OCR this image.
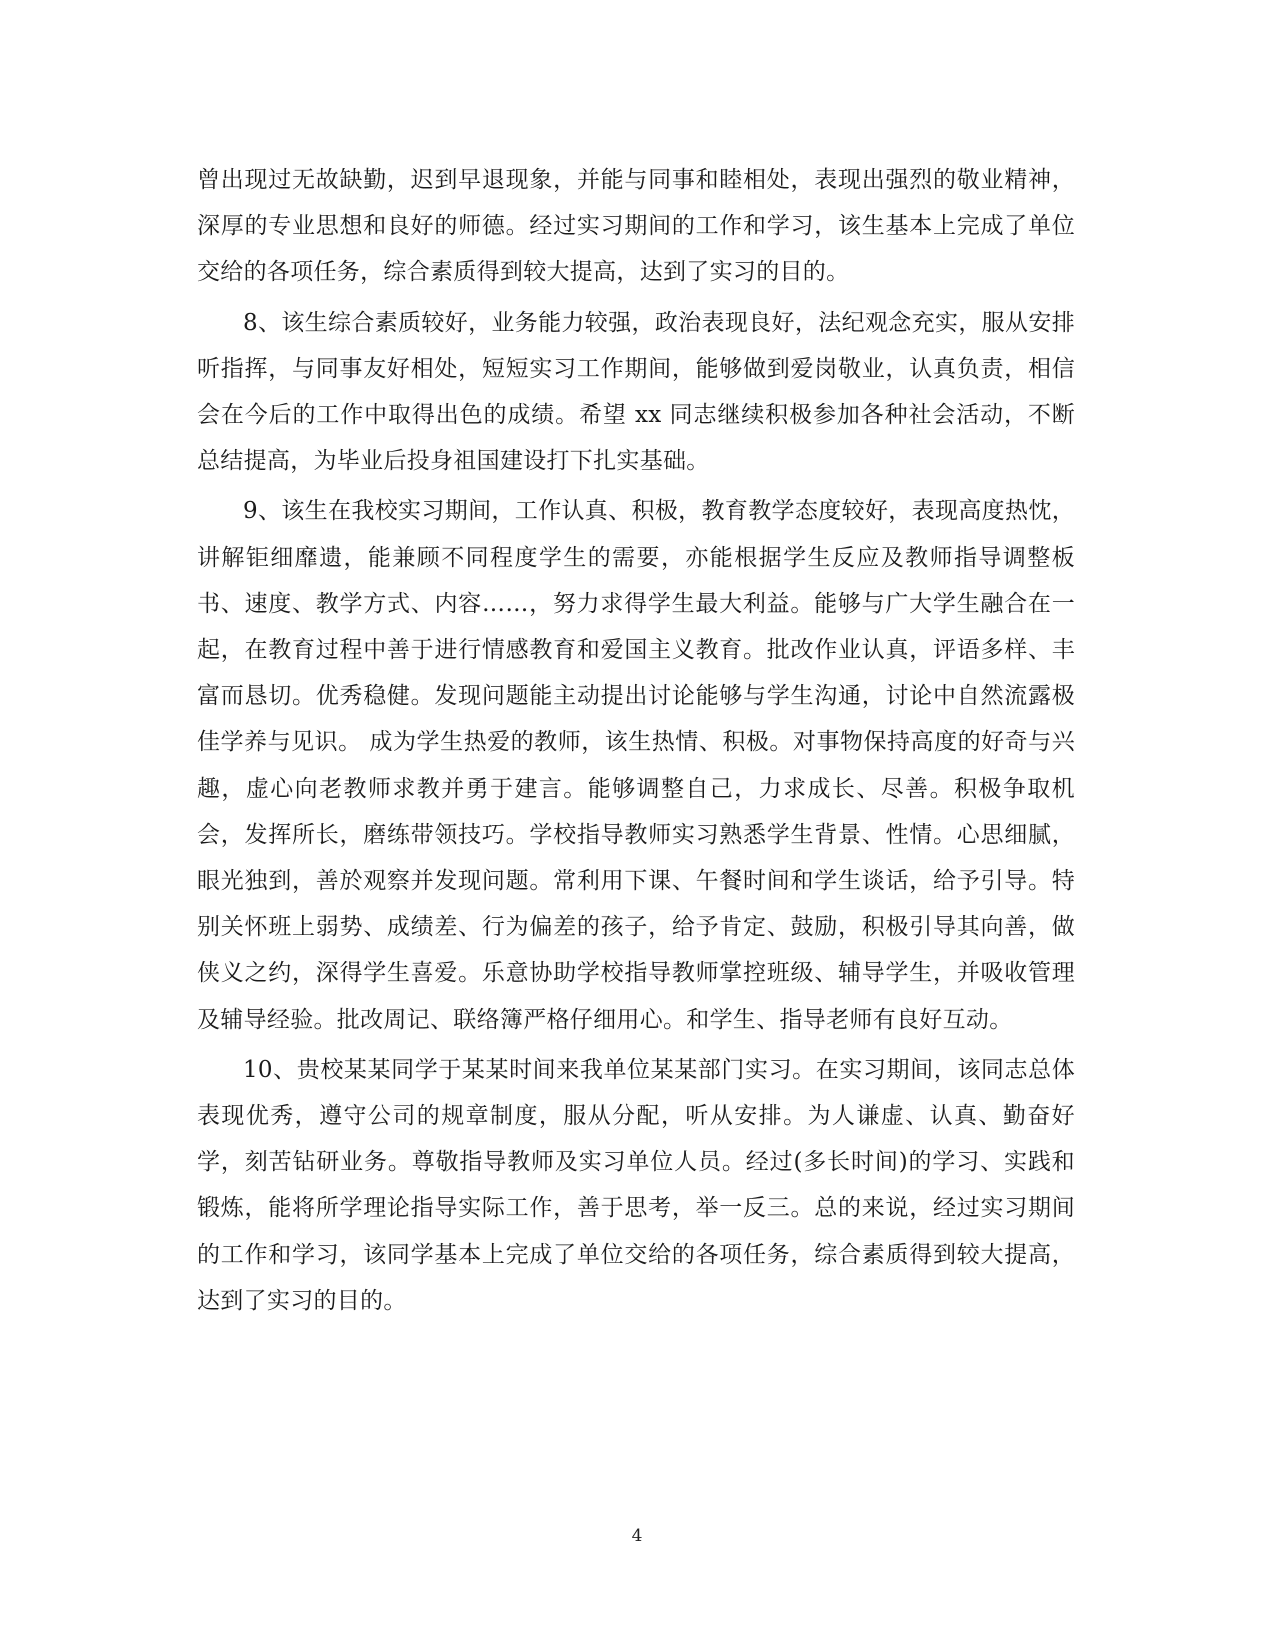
曾出现过无故缺勤，迟到早退现象，并能与同事和睦相处，表现出强烈的敬业精神，深厚的专业思想和良好的师德。经过实习期间的工作和学习，该生基本上完成了单位交给的各项任务，综合素质得到较大提高，达到了实习的目的。

8、该生综合素质较好，业务能力较强，政治表现良好，法纪观念充实，服从安排听指挥，与同事友好相处，短短实习工作期间，能够做到爱岗敬业，认真负责，相信会在今后的工作中取得出色的成绩。希望 xx 同志继续积极参加各种社会活动，不断总结提高，为毕业后投身祖国建设打下扎实基础。

9、该生在我校实习期间，工作认真、积极，教育教学态度较好，表现高度热忱，讲解钜细靡遗，能兼顾不同程度学生的需要，亦能根据学生反应及教师指导调整板书、速度、教学方式、内容……，努力求得学生最大利益。能够与广大学生融合在一起，在教育过程中善于进行情感教育和爱国主义教育。批改作业认真，评语多样、丰富而恳切。优秀稳健。发现问题能主动提出讨论能够与学生沟通，讨论中自然流露极佳学养与见识。 成为学生热爱的教师，该生热情、积极。对事物保持高度的好奇与兴趣，虚心向老教师求教并勇于建言。能够调整自己，力求成长、尽善。积极争取机会，发挥所长，磨练带领技巧。学校指导教师实习熟悉学生背景、性情。心思细腻，眼光独到，善於观察并发现问题。常利用下课、午餐时间和学生谈话，给予引导。特别关怀班上弱势、成绩差、行为偏差的孩子，给予肯定、鼓励，积极引导其向善，做侠义之约，深得学生喜爱。乐意协助学校指导教师掌控班级、辅导学生，并吸收管理及辅导经验。批改周记、联络簿严格仔细用心。和学生、指导老师有良好互动。

10、贵校某某同学于某某时间来我单位某某部门实习。在实习期间，该同志总体表现优秀，遵守公司的规章制度，服从分配，听从安排。为人谦虚、认真、勤奋好学，刻苦钻研业务。尊敬指导教师及实习单位人员。经过(多长时间)的学习、实践和锻炼，能将所学理论指导实际工作，善于思考，举一反三。总的来说，经过实习期间的工作和学习，该同学基本上完成了单位交给的各项任务，综合素质得到较大提高，达到了实习的目的。

4
